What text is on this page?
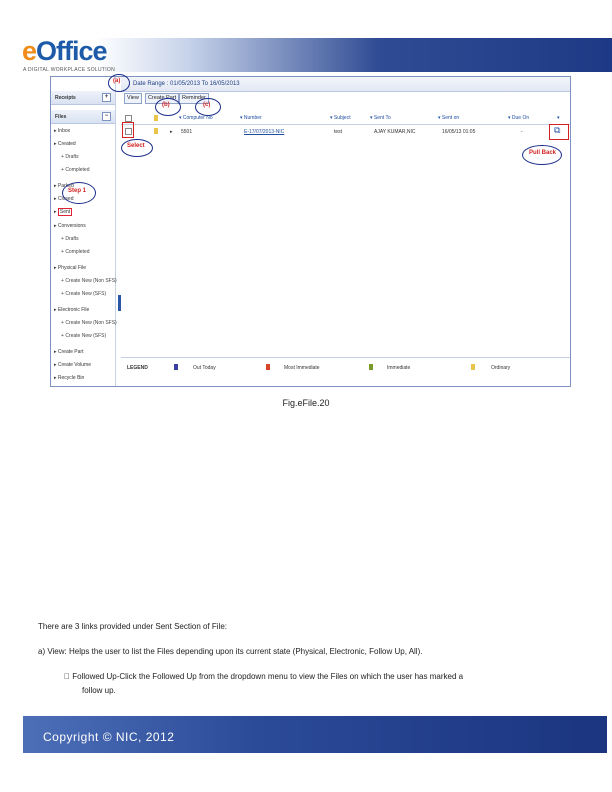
eOffice
A DIGITAL WORKPLACE SOLUTION
Receipts	+
Files	−
▸ Inbox
▸ Created
+ Drafts
+ Completed
▸ Parked
▸ Closed
▸ Sent
▸ Conversions
+ Drafts
+ Completed
▸ Physical File
+ Create New (Non SFS)
+ Create New (SFS)
▸ Electronic File
+ Create New (Non SFS)
+ Create New (SFS)
▸ Create Part
▸ Create Volume
▸ Recycle Bin
Date Range : 01/05/2013 To 16/05/2013
View	Create Part	Reminder
▾ Computer No	▾ Number	▾ Subject	▾ Sent To	▾ Sent on	▾ Due On	▾
▸ 5501	E-17/07/2013-NIC	test	AJAY KUMAR,NIC	16/05/13 01:05	-	⧉
LEGEND	Out Today	Most Immediate	Immediate	Ordinary
(a)
(b)	(c)
Step 1
Select
Pull Back
Fig.eFile.20
There are 3 links provided under Sent Section of File:
a) View: Helps the user to list the Files depending upon its current state (Physical, Electronic, Follow Up, All).
Followed Up-Click the Followed Up from the dropdown menu to view the Files on which the user has marked a
follow up.
Copyright © NIC, 2012
